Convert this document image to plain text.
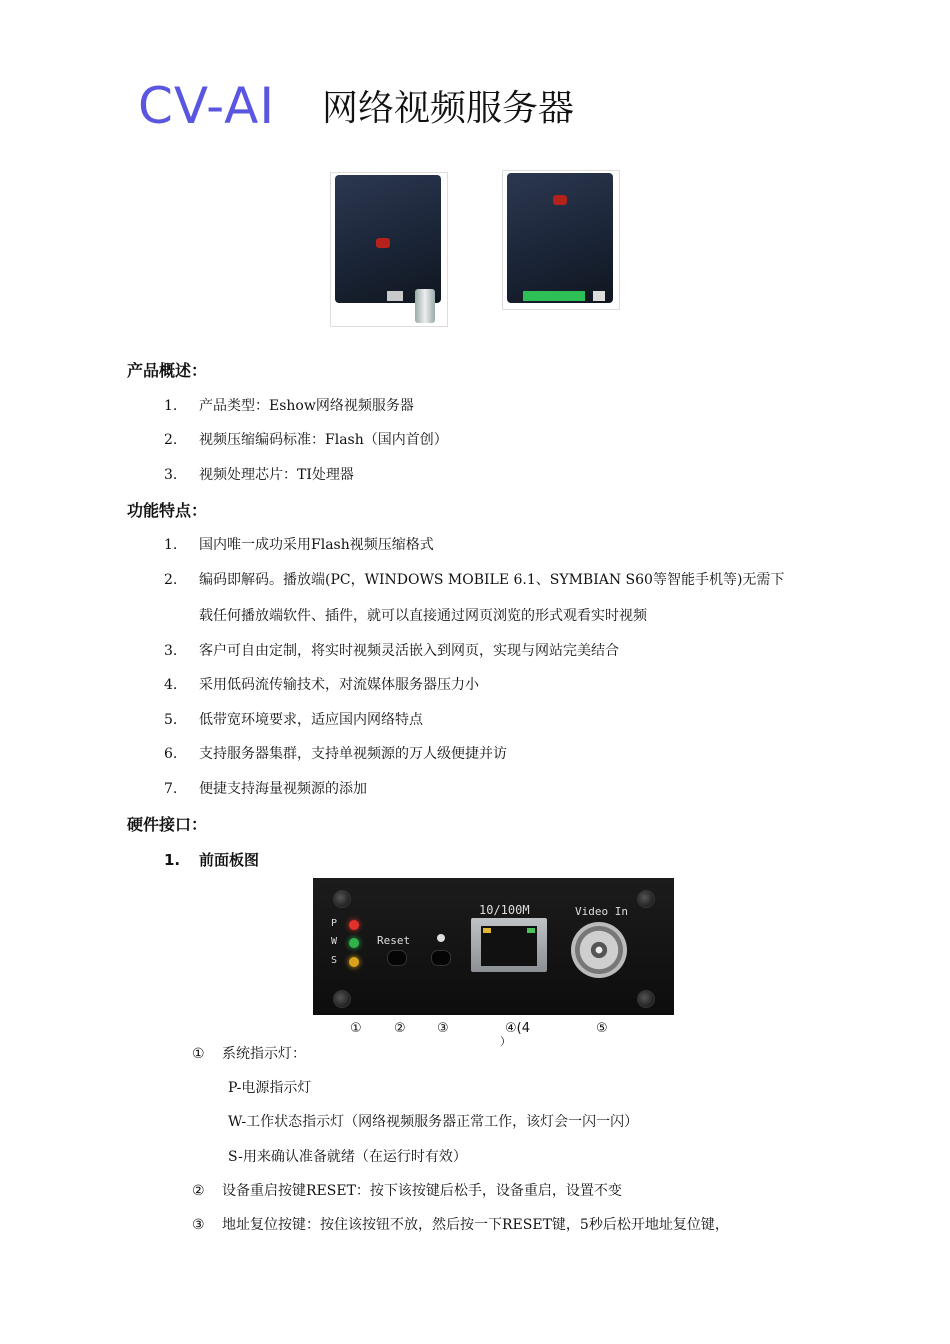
CV-AI 网络视频服务器
产品概述：
1. 产品类型：Eshow网络视频服务器
2. 视频压缩编码标准：Flash（国内首创）
3. 视频处理芯片：TI处理器
功能特点：
1. 国内唯一成功采用Flash视频压缩格式
2. 编码即解码。播放端(PC，WINDOWS MOBILE 6.1、SYMBIAN S60等智能手机等)无需下
载任何播放端软件、插件，就可以直接通过网页浏览的形式观看实时视频
3. 客户可自由定制，将实时视频灵活嵌入到网页，实现与网站完美结合
4. 采用低码流传输技术，对流媒体服务器压力小
5. 低带宽环境要求，适应国内网络特点
6. 支持服务器集群，支持单视频源的万人级便捷并访
7. 便捷支持海量视频源的添加
硬件接口：
1. 前面板图
P
W
S
Reset
10/100M	Video In
① ② ③	④(4	⑤
）
① 系统指示灯：
P-电源指示灯
W-工作状态指示灯（网络视频服务器正常工作，该灯会一闪一闪）
S-用来确认准备就绪（在运行时有效）
② 设备重启按键RESET：按下该按键后松手，设备重启，设置不变
③ 地址复位按键：按住该按钮不放，然后按一下RESET键，5秒后松开地址复位键，
